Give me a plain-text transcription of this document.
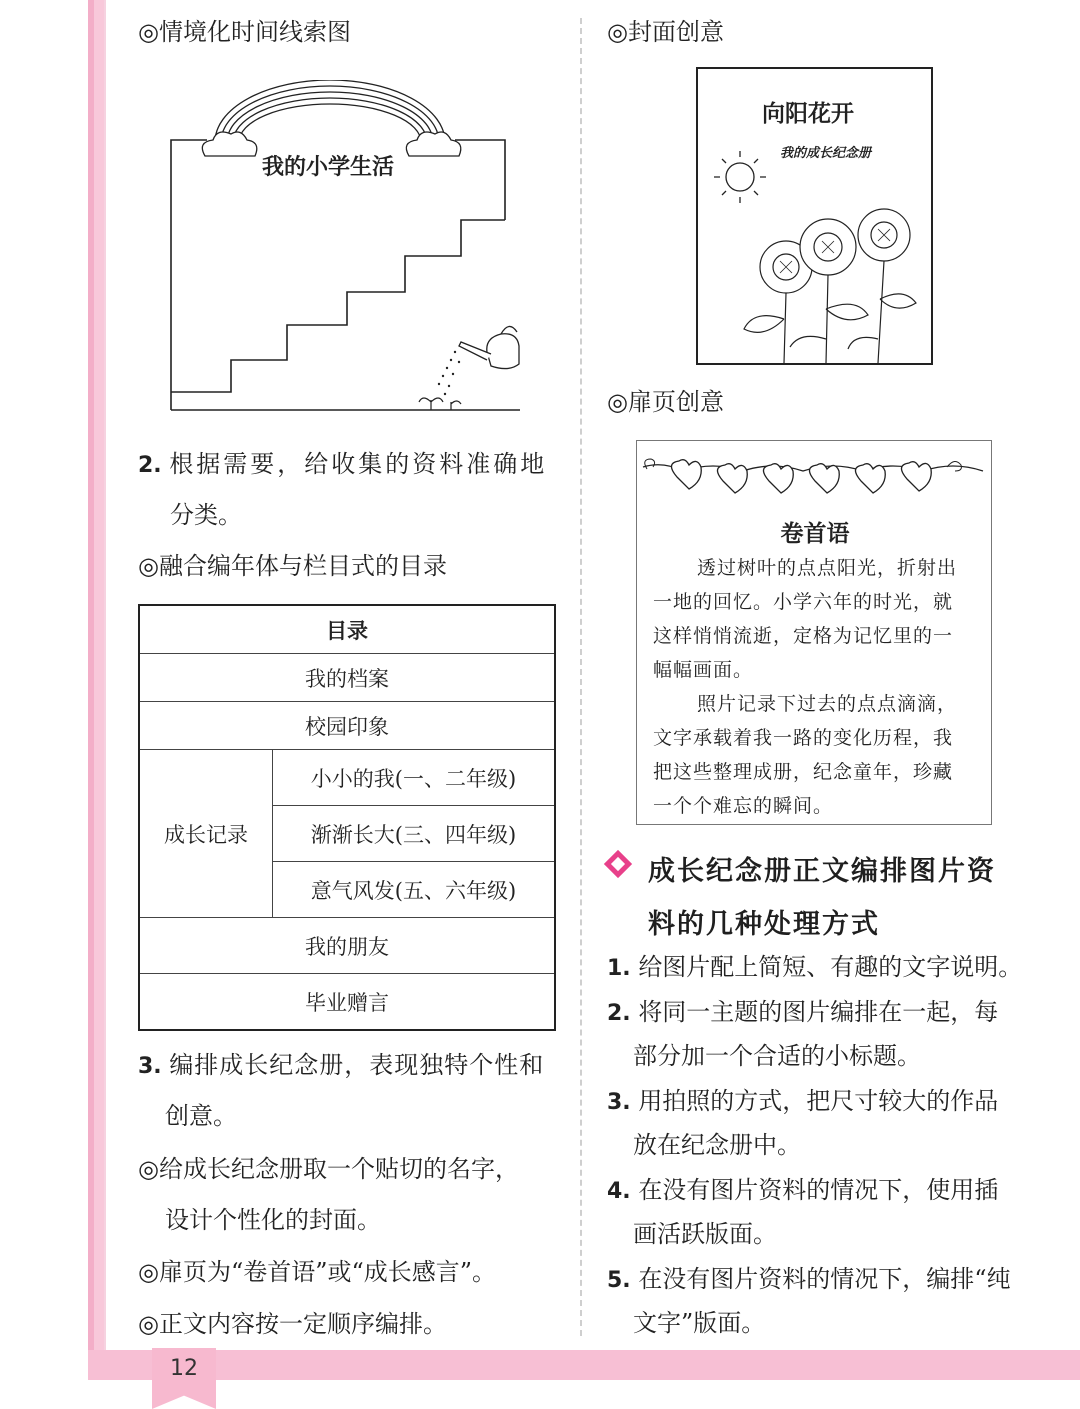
12
◎情境化时间线索图
我的小学生活
2. 根据需要，给收集的资料准确地
分类。
◎融合编年体与栏目式的目录
目录
我的档案
校园印象
成长记录	小小的我(一、二年级)
渐渐长大(三、四年级)
意气风发(五、六年级)
我的朋友
毕业赠言
3. 编排成长纪念册，表现独特个性和
创意。
◎给成长纪念册取一个贴切的名字，
设计个性化的封面。
◎扉页为“卷首语”或“成长感言”。
◎正文内容按一定顺序编排。
◎封面创意
向阳花开
我的成长纪念册
◎扉页创意
卷首语
透过树叶的点点阳光，折射出
一地的回忆。小学六年的时光，就
这样悄悄流逝，定格为记忆里的一
幅幅画面。
照片记录下过去的点点滴滴，
文字承载着我一路的变化历程，我
把这些整理成册，纪念童年，珍藏
一个个难忘的瞬间。
成长纪念册正文编排图片资
料的几种处理方式
1. 给图片配上简短、有趣的文字说明。
2. 将同一主题的图片编排在一起，每
部分加一个合适的小标题。
3. 用拍照的方式，把尺寸较大的作品
放在纪念册中。
4. 在没有图片资料的情况下，使用插
画活跃版面。
5. 在没有图片资料的情况下，编排“纯
文字”版面。
